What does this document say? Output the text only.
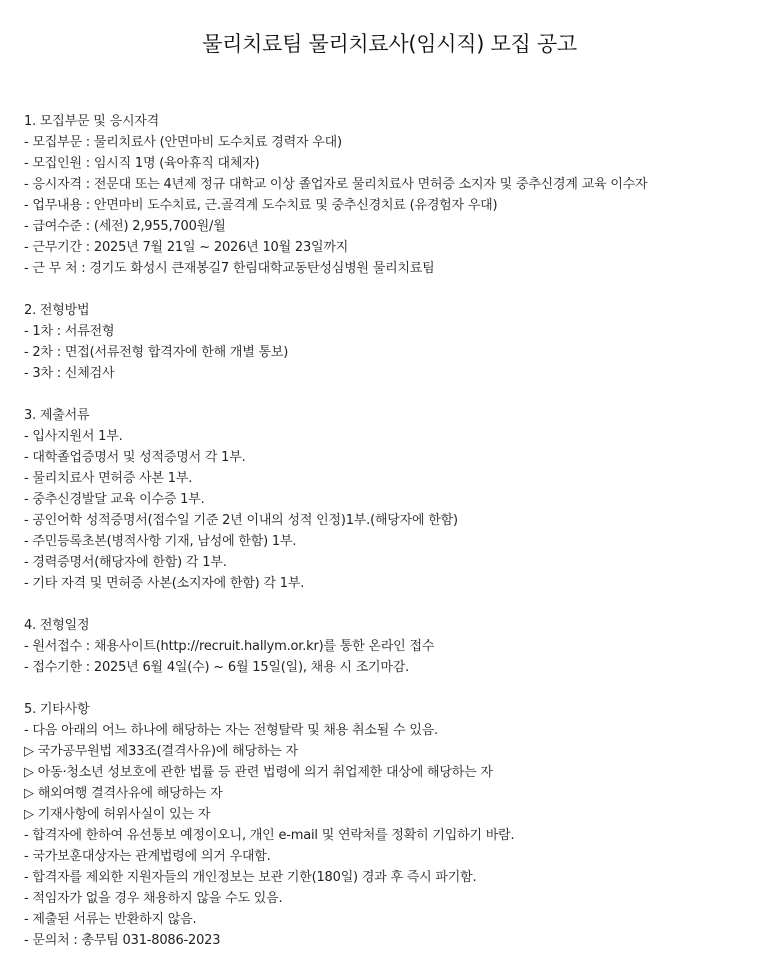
물리치료팀 물리치료사(임시직) 모집 공고
1. 모집부문 및 응시자격
- 모집부문 : 물리치료사 (안면마비 도수치료 경력자 우대)
- 모집인원 : 임시직 1명 (육아휴직 대체자)
- 응시자격 : 전문대 또는 4년제 정규 대학교 이상 졸업자로 물리치료사 면허증 소지자 및 중추신경계 교육 이수자
- 업무내용 : 안면마비 도수치료, 근.골격계 도수치료 및 중추신경치료 (유경험자 우대)
- 급여수준 : (세전) 2,955,700원/월
- 근무기간 : 2025년 7월 21일 ~ 2026년 10월 23일까지
- 근 무 처 : 경기도 화성시 큰재봉길7 한림대학교동탄성심병원 물리치료팀
2. 전형방법
- 1차 : 서류전형
- 2차 : 면접(서류전형 합격자에 한해 개별 통보)
- 3차 : 신체검사
3. 제출서류
- 입사지원서 1부.
- 대학졸업증명서 및 성적증명서 각 1부.
- 물리치료사 면허증 사본 1부.
- 중추신경발달 교육 이수증 1부.
- 공인어학 성적증명서(접수일 기준 2년 이내의 성적 인정)1부.(해당자에 한함)
- 주민등록초본(병적사항 기재, 남성에 한함) 1부.
- 경력증명서(해당자에 한함) 각 1부.
- 기타 자격 및 면허증 사본(소지자에 한함) 각 1부.
4. 전형일정
- 원서접수 : 채용사이트(http://recruit.hallym.or.kr)를 통한 온라인 접수
- 접수기한 : 2025년 6월 4일(수) ~ 6월 15일(일), 채용 시 조기마감.
5. 기타사항
- 다음 아래의 어느 하나에 해당하는 자는 전형탈락 및 채용 취소될 수 있음.
▷ 국가공무원법 제33조(결격사유)에 해당하는 자
▷ 아동·청소년 성보호에 관한 법률 등 관련 법령에 의거 취업제한 대상에 해당하는 자
▷ 해외여행 결격사유에 해당하는 자
▷ 기재사항에 허위사실이 있는 자
- 합격자에 한하여 유선통보 예정이오니, 개인 e-mail 및 연락처를 정확히 기입하기 바람.
- 국가보훈대상자는 관계법령에 의거 우대함.
- 합격자를 제외한 지원자들의 개인정보는 보관 기한(180일) 경과 후 즉시 파기함.
- 적임자가 없을 경우 채용하지 않을 수도 있음.
- 제출된 서류는 반환하지 않음.
- 문의처 : 총무팀 031-8086-2023
